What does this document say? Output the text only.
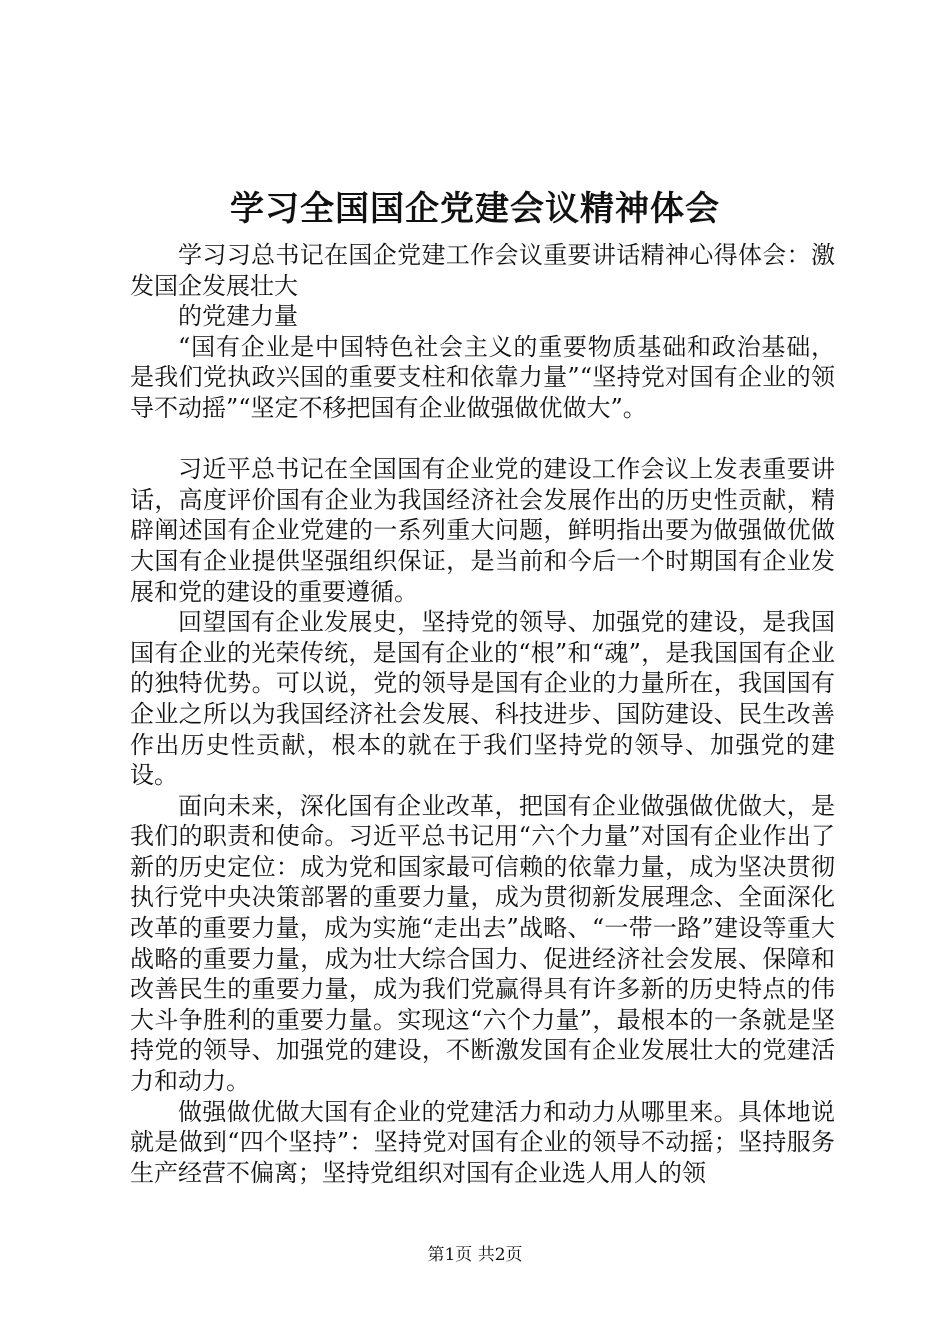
学习全国国企党建会议精神体会

学习习总书记在国企党建工作会议重要讲话精神心得体会：激发国企发展壮大

的党建力量

“国有企业是中国特色社会主义的重要物质基础和政治基础，是我们党执政兴国的重要支柱和依靠力量”“坚持党对国有企业的领导不动摇”“坚定不移把国有企业做强做优做大”。

习近平总书记在全国国有企业党的建设工作会议上发表重要讲话，高度评价国有企业为我国经济社会发展作出的历史性贡献，精辟阐述国有企业党建的一系列重大问题，鲜明指出要为做强做优做大国有企业提供坚强组织保证，是当前和今后一个时期国有企业发展和党的建设的重要遵循。

回望国有企业发展史，坚持党的领导、加强党的建设，是我国国有企业的光荣传统，是国有企业的“根”和“魂”，是我国国有企业的独特优势。可以说，党的领导是国有企业的力量所在，我国国有企业之所以为我国经济社会发展、科技进步、国防建设、民生改善作出历史性贡献，根本的就在于我们坚持党的领导、加强党的建设。

面向未来，深化国有企业改革，把国有企业做强做优做大，是我们的职责和使命。习近平总书记用“六个力量”对国有企业作出了新的历史定位：成为党和国家最可信赖的依靠力量，成为坚决贯彻执行党中央决策部署的重要力量，成为贯彻新发展理念、全面深化改革的重要力量，成为实施“走出去”战略、“一带一路”建设等重大战略的重要力量，成为壮大综合国力、促进经济社会发展、保障和改善民生的重要力量，成为我们党赢得具有许多新的历史特点的伟大斗争胜利的重要力量。实现这“六个力量”，最根本的一条就是坚持党的领导、加强党的建设，不断激发国有企业发展壮大的党建活力和动力。

做强做优做大国有企业的党建活力和动力从哪里来。具体地说就是做到“四个坚持”：坚持党对国有企业的领导不动摇；坚持服务生产经营不偏离；坚持党组织对国有企业选人用人的领

第1页 共2页
